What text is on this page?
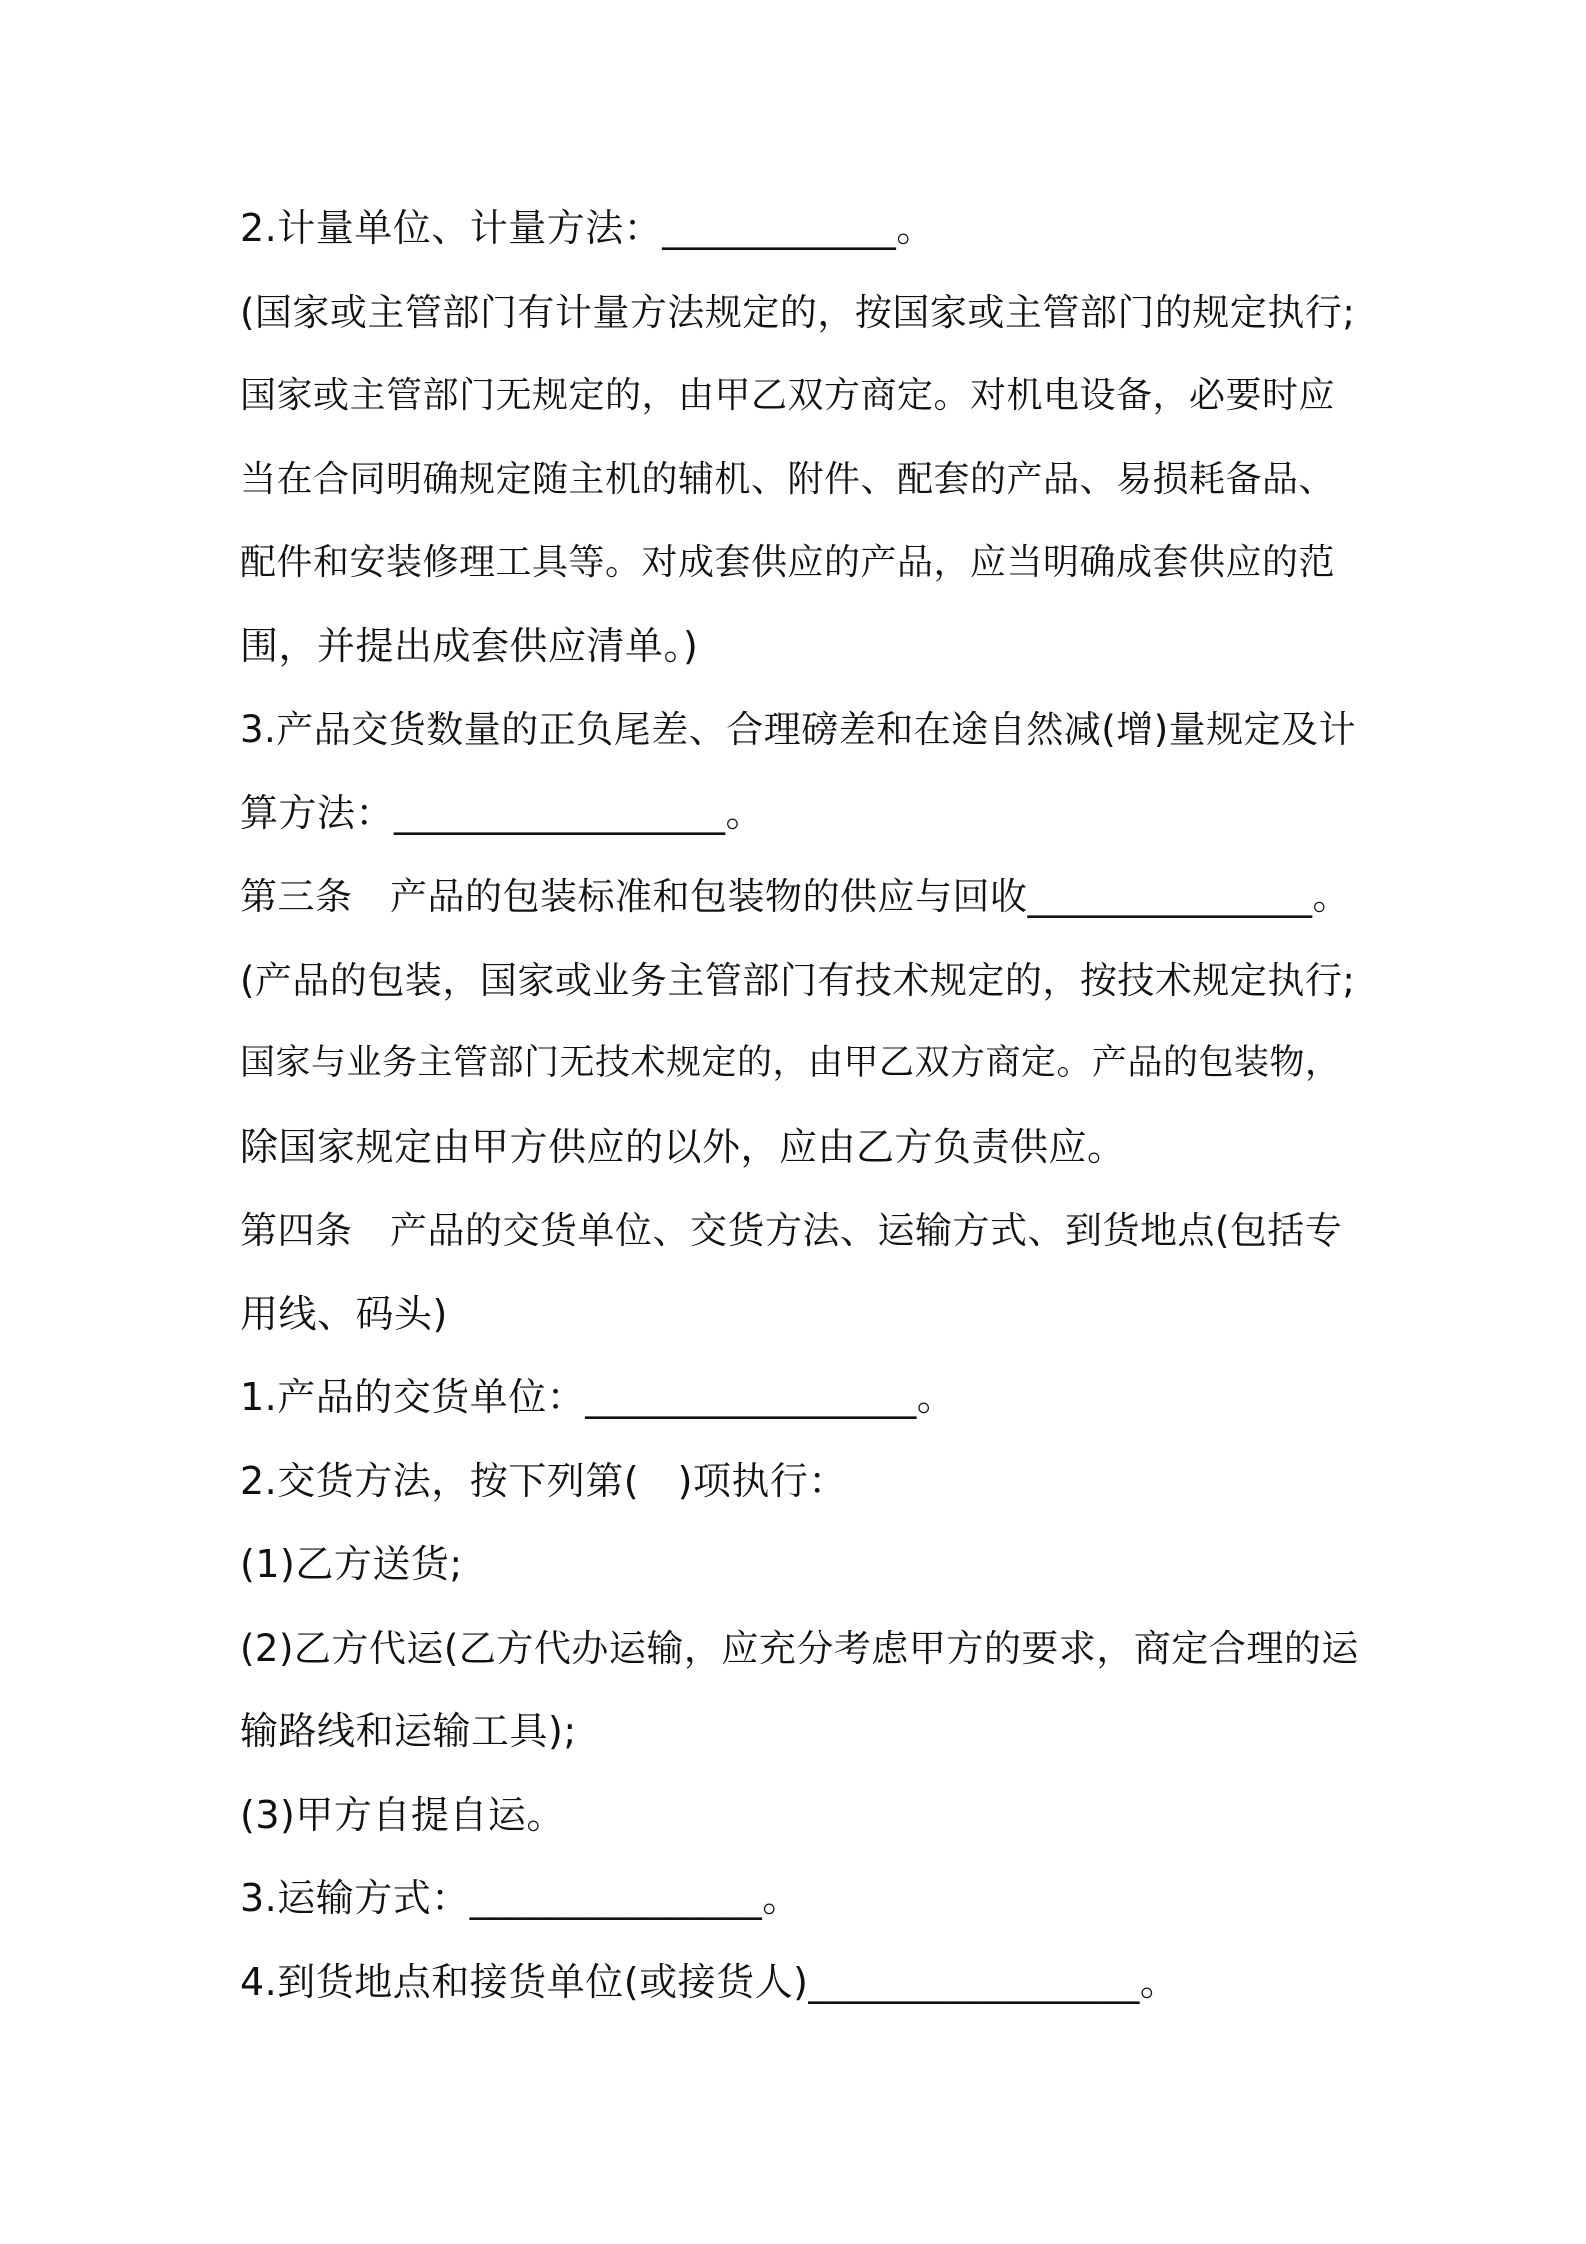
2.计量单位、计量方法：____________。
(国家或主管部门有计量方法规定的，按国家或主管部门的规定执行;
国家或主管部门无规定的，由甲乙双方商定。对机电设备，必要时应
当在合同明确规定随主机的辅机、附件、配套的产品、易损耗备品、
配件和安装修理工具等。对成套供应的产品，应当明确成套供应的范
围，并提出成套供应清单。)
3.产品交货数量的正负尾差、合理磅差和在途自然减(增)量规定及计
算方法：_________________。
第三条　产品的包装标准和包装物的供应与回收_______________。
(产品的包装，国家或业务主管部门有技术规定的，按技术规定执行;
国家与业务主管部门无技术规定的，由甲乙双方商定。产品的包装物，
除国家规定由甲方供应的以外，应由乙方负责供应。
第四条　产品的交货单位、交货方法、运输方式、到货地点(包括专
用线、码头)
1.产品的交货单位：_________________。
2.交货方法，按下列第(　)项执行：
(1)乙方送货;
(2)乙方代运(乙方代办运输，应充分考虑甲方的要求，商定合理的运
输路线和运输工具);
(3)甲方自提自运。
3.运输方式：_______________。
4.到货地点和接货单位(或接货人)_________________。
